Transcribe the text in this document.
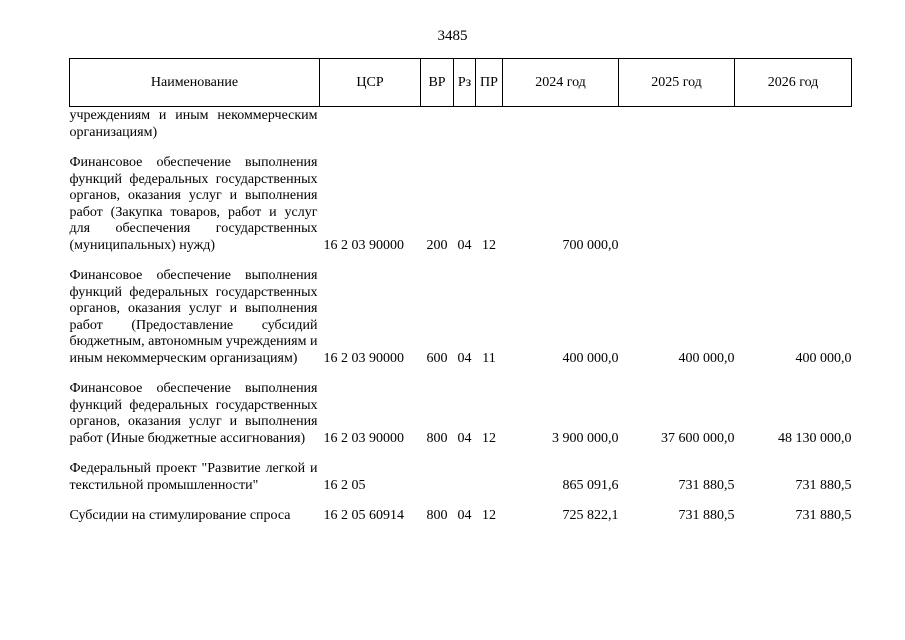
3485
Наименование	ЦСР	ВР	Рз	ПР	2024 год	2025 год	2026 год
учреждениям и иным некоммерческим организациям)							

Финансовое обеспечение выполнения функций федеральных государственных органов, оказания услуг и выполнения работ (Закупка товаров, работ и услуг для обеспечения государственных (муниципальных) нужд)	16 2 03 90000	200	04	12	700 000,0		

Финансовое обеспечение выполнения функций федеральных государственных органов, оказания услуг и выполнения работ (Предоставление субсидий бюджетным, автономным учреждениям и иным некоммерческим организациям)	16 2 03 90000	600	04	11	400 000,0	400 000,0	400 000,0

Финансовое обеспечение выполнения функций федеральных государственных органов, оказания услуг и выполнения работ (Иные бюджетные ассигнования)	16 2 03 90000	800	04	12	3 900 000,0	37 600 000,0	48 130 000,0

Федеральный проект "Развитие легкой и текстильной промышленности"	16 2 05				865 091,6	731 880,5	731 880,5

Субсидии на стимулирование спроса	16 2 05 60914	800	04	12	725 822,1	731 880,5	731 880,5
